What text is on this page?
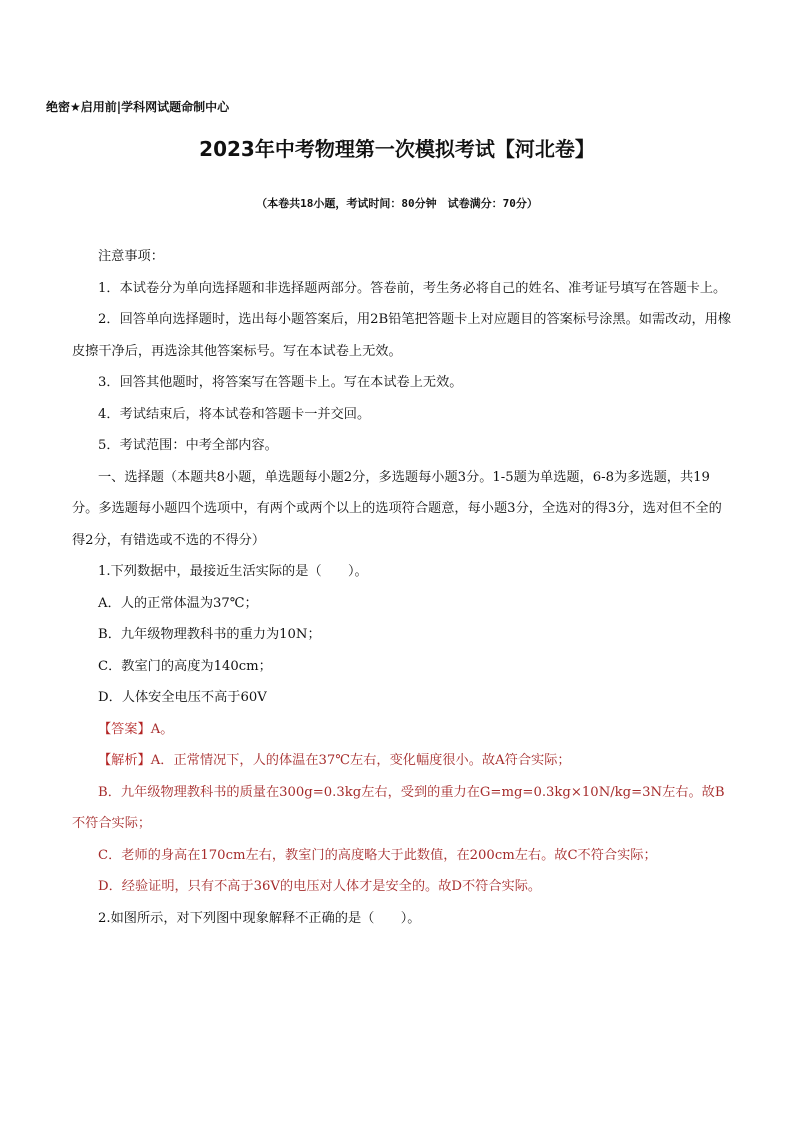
绝密★启用前|学科网试题命制中心
2023年中考物理第一次模拟考试【河北卷】
（本卷共18小题，考试时间：80分钟　试卷满分：70分）

注意事项：

1．本试卷分为单向选择题和非选择题两部分。答卷前，考生务必将自己的姓名、准考证号填写在答题卡上。

2．回答单向选择题时，选出每小题答案后，用2B铅笔把答题卡上对应题目的答案标号涂黑。如需改动，用橡皮擦干净后，再选涂其他答案标号。写在本试卷上无效。

3．回答其他题时，将答案写在答题卡上。写在本试卷上无效。

4．考试结束后，将本试卷和答题卡一并交回。

5．考试范围：中考全部内容。

一、选择题（本题共8小题，单选题每小题2分，多选题每小题3分。1-5题为单选题，6-8为多选题，共19分。多选题每小题四个选项中，有两个或两个以上的选项符合题意，每小题3分，全选对的得3分，选对但不全的得2分，有错选或不选的不得分）

1.下列数据中，最接近生活实际的是（　　）。

A．人的正常体温为37℃；

B．九年级物理教科书的重力为10N；

C．教室门的高度为140cm；

D．人体安全电压不高于60V

【答案】A。

【解析】A．正常情况下，人的体温在37℃左右，变化幅度很小。故A符合实际；

B．九年级物理教科书的质量在300g=0.3kg左右，受到的重力在G=mg=0.3kg×10N/kg=3N左右。故B不符合实际；

C．老师的身高在170cm左右，教室门的高度略大于此数值，在200cm左右。故C不符合实际；

D．经验证明，只有不高于36V的电压对人体才是安全的。故D不符合实际。

2.如图所示，对下列图中现象解释不正确的是（　　）。
